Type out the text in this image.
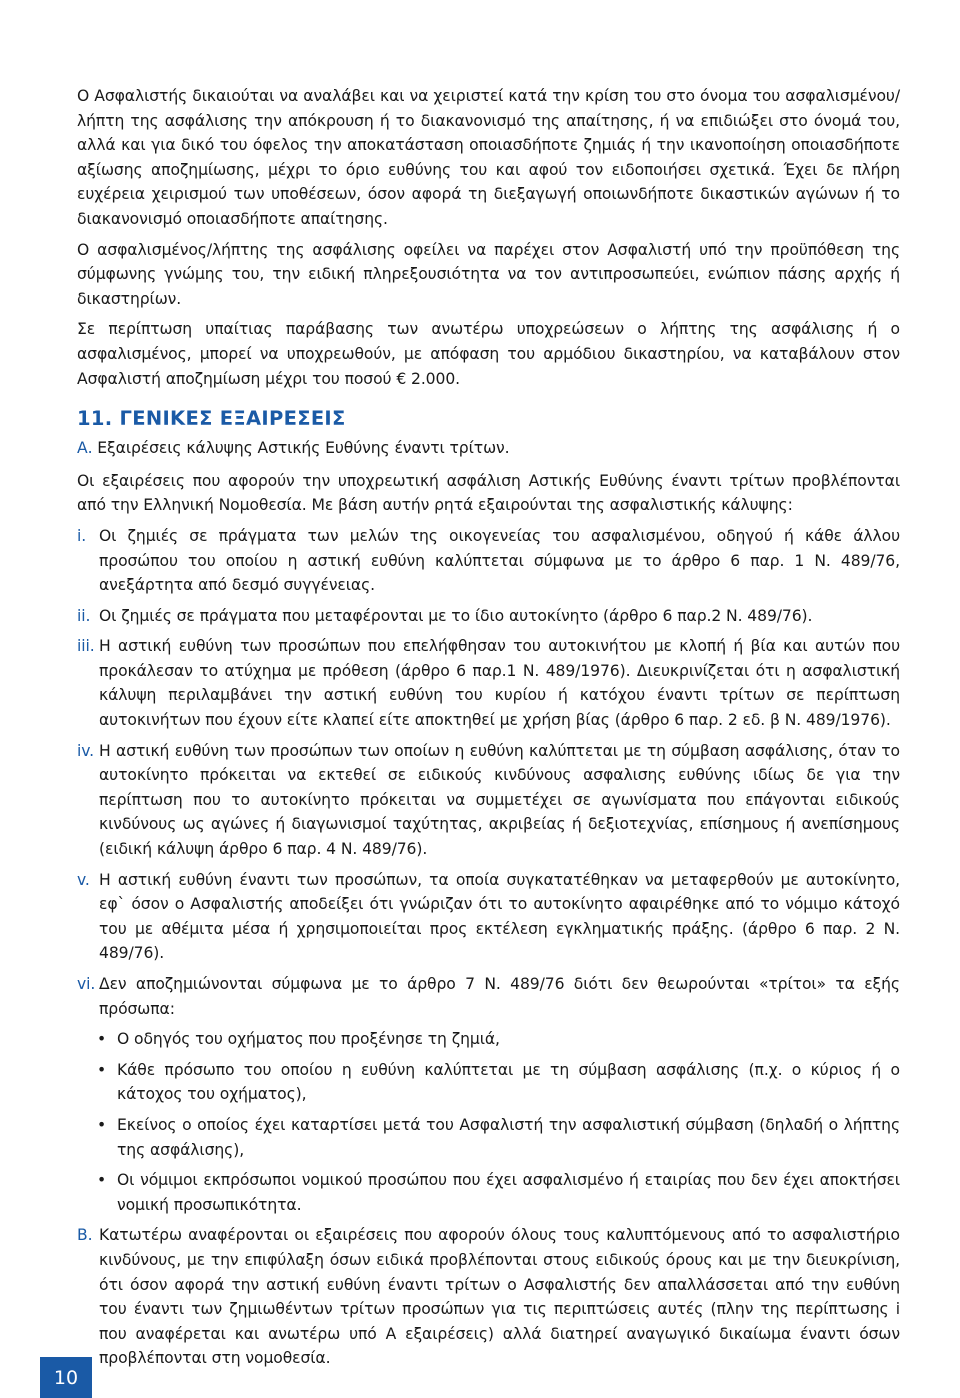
Ο Ασφαλιστής δικαιούται να αναλάβει και να χειριστεί κατά την κρίση του στο όνομα του ασφαλισμένου/λήπτη της ασφάλισης την απόκρουση ή το διακανονισμό της απαίτησης, ή να επιδιώξει στο όνομά του, αλλά και για δικό του όφελος την αποκατάσταση οποιασδήποτε ζημιάς ή την ικανοποίηση οποιασδήποτε αξίωσης αποζημίωσης, μέχρι το όριο ευθύνης του και αφού τον ειδοποιήσει σχετικά. Έχει δε πλήρη ευχέρεια χειρισμού των υποθέσεων, όσον αφορά τη διεξαγωγή οποιωνδήποτε δικαστικών αγώνων ή το διακανονισμό οποιασδήποτε απαίτησης.

Ο ασφαλισμένος/λήπτης της ασφάλισης οφείλει να παρέχει στον Ασφαλιστή υπό την προϋπόθεση της σύμφωνης γνώμης του, την ειδική πληρεξουσιότητα να τον αντιπροσωπεύει, ενώπιον πάσης αρχής ή δικαστηρίων.

Σε περίπτωση υπαίτιας παράβασης των ανωτέρω υποχρεώσεων ο λήπτης της ασφάλισης ή ο ασφαλισμένος, μπορεί να υποχρεωθούν, με απόφαση του αρμόδιου δικαστηρίου, να καταβάλουν στον Ασφαλιστή αποζημίωση μέχρι του ποσού € 2.000.

11. ΓΕΝΙΚΕΣ ΕΞΑΙΡΕΣΕΙΣ

Α. Εξαιρέσεις κάλυψης Αστικής Ευθύνης έναντι τρίτων.

Οι εξαιρέσεις που αφορούν την υποχρεωτική ασφάλιση Αστικής Ευθύνης έναντι τρίτων προβλέπονται από την Ελληνική Νομοθεσία. Με βάση αυτήν ρητά εξαιρούνται της ασφαλιστικής κάλυψης:

i. Οι ζημιές σε πράγματα των μελών της οικογενείας του ασφαλισμένου, οδηγού ή κάθε άλλου προσώπου του οποίου η αστική ευθύνη καλύπτεται σύμφωνα με το άρθρο 6 παρ. 1 Ν. 489/76, ανεξάρτητα από δεσμό συγγένειας.
ii. Οι ζημιές σε πράγματα που μεταφέρονται με το ίδιο αυτοκίνητο (άρθρο 6 παρ.2 Ν. 489/76).
iii. Η αστική ευθύνη των προσώπων που επελήφθησαν του αυτοκινήτου με κλοπή ή βία και αυτών που προκάλεσαν το ατύχημα με πρόθεση (άρθρο 6 παρ.1 Ν. 489/1976). Διευκρινίζεται ότι η ασφαλιστική κάλυψη περιλαμβάνει την αστική ευθύνη του κυρίου ή κατόχου έναντι τρίτων σε περίπτωση αυτοκινήτων που έχουν είτε κλαπεί είτε αποκτηθεί με χρήση βίας (άρθρο 6 παρ. 2 εδ. β Ν. 489/1976).
iv. Η αστική ευθύνη των προσώπων των οποίων η ευθύνη καλύπτεται με τη σύμβαση ασφάλισης, όταν το αυτοκίνητο πρόκειται να εκτεθεί σε ειδικούς κινδύνους ασφαλισης ευθύνης ιδίως δε για την περίπτωση που το αυτοκίνητο πρόκειται να συμμετέχει σε αγωνίσματα που επάγονται ειδικούς κινδύνους ως αγώνες ή διαγωνισμοί ταχύτητας, ακριβείας ή δεξιοτεχνίας, επίσημους ή ανεπίσημους (ειδική κάλυψη άρθρο 6 παρ. 4 Ν. 489/76).
v. Η αστική ευθύνη έναντι των προσώπων, τα οποία συγκατατέθηκαν να μεταφερθούν με αυτοκίνητο, εφ` όσον ο Ασφαλιστής αποδείξει ότι γνώριζαν ότι το αυτοκίνητο αφαιρέθηκε από το νόμιμο κάτοχό του με αθέμιτα μέσα ή χρησιμοποιείται προς εκτέλεση εγκληματικής πράξης. (άρθρο 6 παρ. 2 Ν. 489/76).
vi. Δεν αποζημιώνονται σύμφωνα με το άρθρο 7 Ν. 489/76 διότι δεν θεωρούνται «τρίτοι» τα εξής πρόσωπα:
• Ο οδηγός του οχήματος που προξένησε τη ζημιά,
• Κάθε πρόσωπο του οποίου η ευθύνη καλύπτεται με τη σύμβαση ασφάλισης (π.χ. ο κύριος ή ο κάτοχος του οχήματος),
• Εκείνος ο οποίος έχει καταρτίσει μετά του Ασφαλιστή την ασφαλιστική σύμβαση (δηλαδή ο λήπτης της ασφάλισης),
• Οι νόμιμοι εκπρόσωποι νομικού προσώπου που έχει ασφαλισμένο ή εταιρίας που δεν έχει αποκτήσει νομική προσωπικότητα.
Β. Κατωτέρω αναφέρονται οι εξαιρέσεις που αφορούν όλους τους καλυπτόμενους από το ασφαλιστήριο κινδύνους, με την επιφύλαξη όσων ειδικά προβλέπονται στους ειδικούς όρους και με την διευκρίνιση, ότι όσον αφορά την αστική ευθύνη έναντι τρίτων ο Ασφαλιστής δεν απαλλάσσεται από την ευθύνη του έναντι των ζημιωθέντων τρίτων προσώπων για τις περιπτώσεις αυτές (πλην της περίπτωσης i που αναφέρεται και ανωτέρω υπό Α εξαιρέσεις) αλλά διατηρεί αναγωγικό δικαίωμα έναντι όσων προβλέπονται στη νομοθεσία.
10
